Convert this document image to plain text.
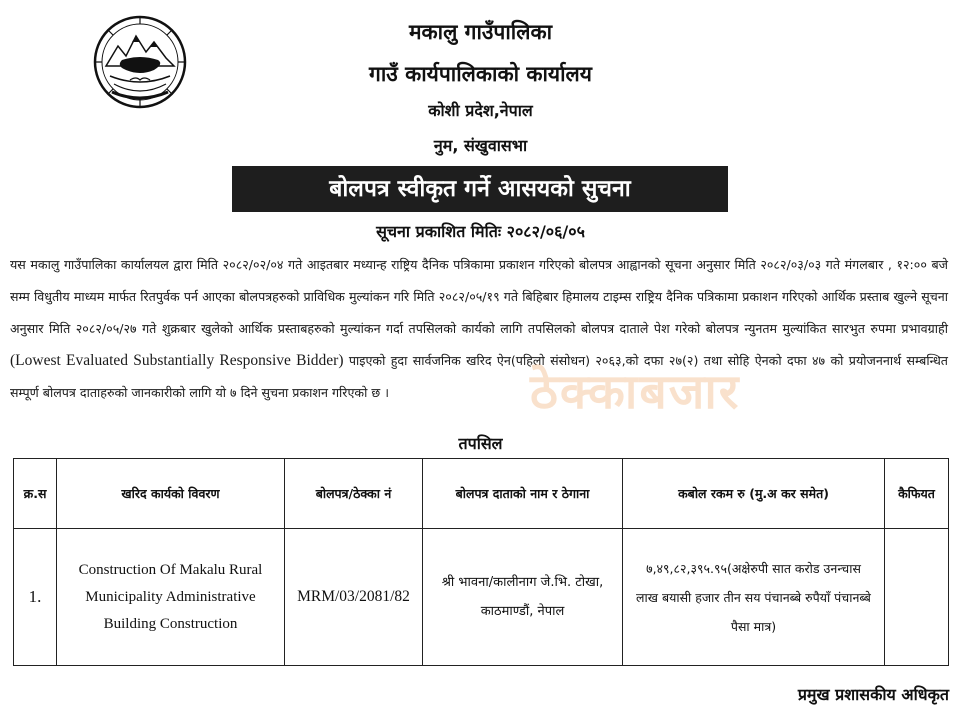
मकालु गाउँपालिका
गाउँ कार्यपालिकाको कार्यालय
कोशी प्रदेश,नेपाल
नुम, संखुवासभा
बोलपत्र स्वीकृत गर्ने आसयको सुचना
सूचना प्रकाशित मितिः २०८२/०६/०५
यस मकालु गाउँपालिका कार्यालयल द्वारा मिति २०८२/०२/०४ गते आइतबार मध्यान्ह राष्ट्रिय दैनिक पत्रिकामा प्रकाशन गरिएको बोलपत्र आह्वानको सूचना अनुसार मिति २०८२/०३/०३ गते मंगलबार , १२:०० बजे सम्म विधुतीय माध्यम मार्फत रितपुर्वक पर्न आएका बोलपत्रहरुको प्राविधिक मुल्यांकन गरि मिति २०८२/०५/१९ गते बिहिबार हिमालय टाइम्स राष्ट्रिय दैनिक पत्रिकामा प्रकाशन गरिएको आर्थिक प्रस्ताब खुल्ने सूचना अनुसार मिति २०८२/०५/२७ गते शुक्रबार खुलेको आर्थिक प्रस्ताबहरुको मुल्यांकन गर्दा तपसिलको कार्यको लागि तपसिलको बोलपत्र दाताले पेश गरेको बोलपत्र न्युनतम मुल्यांकित सारभुत रुपमा प्रभावग्राही (Lowest Evaluated Substantially Responsive Bidder) पाइएको हुदा सार्वजनिक खरिद ऐन(पहिलो संसोधन) २०६३,को दफा २७(२) तथा सोहि ऐनको दफा ४७ को प्रयोजननार्थ सम्बन्धित सम्पूर्ण बोलपत्र दाताहरुको जानकारीको लागि यो ७ दिने सुचना प्रकाशन गरिएको छ ।	ठेक्काबजार
तपसिल
क्र.स	खरिद कार्यको विवरण	बोलपत्र/ठेक्का नं	बोलपत्र दाताको नाम र ठेगाना	कबोल रकम रु (मु.अ कर समेत)	कैफियत
1.	Construction Of Makalu Rural Municipality Administrative Building Construction	MRM/03/2081/82	श्री भावना/कालीनाग जे.भि. टोखा, काठमाण्डौं, नेपाल	७,४९,८२,३९५.९५(अक्षेरुपी सात करोड उनन्चास लाख बयासी हजार तीन सय पंचानब्बे रुपैयाँ पंचानब्बे पैसा मात्र)	
प्रमुख प्रशासकीय अधिकृत
